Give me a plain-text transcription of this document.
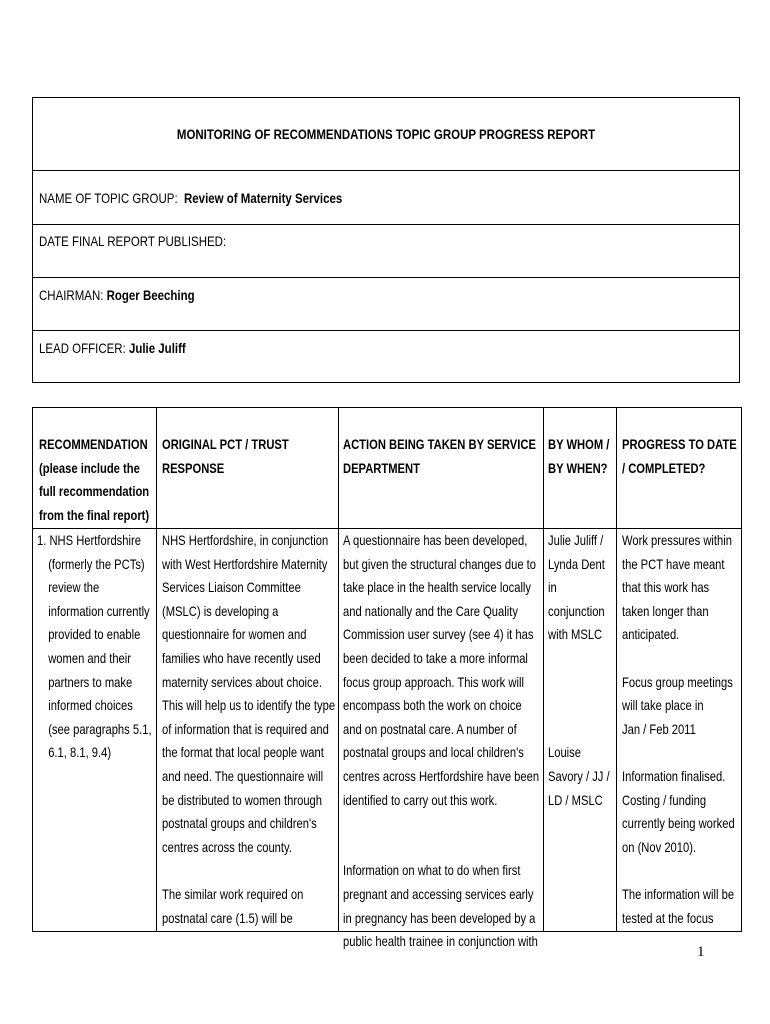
MONITORING OF RECOMMENDATIONS TOPIC GROUP PROGRESS REPORT
NAME OF TOPIC GROUP: Review of Maternity Services
DATE FINAL REPORT PUBLISHED:
CHAIRMAN: Roger Beeching
LEAD OFFICER: Julie Juliff
RECOMMENDATION
(please include the
full recommendation
from the final report)
ORIGINAL PCT / TRUST
RESPONSE
ACTION BEING TAKEN BY SERVICE
DEPARTMENT
BY WHOM /
BY WHEN?
PROGRESS TO DATE
/ COMPLETED?
1. NHS Hertfordshire
(formerly the PCTs)
review the
information currently
provided to enable
women and their
partners to make
informed choices
(see paragraphs 5.1,
6.1, 8.1, 9.4)
NHS Hertfordshire, in conjunction
with West Hertfordshire Maternity
Services Liaison Committee
(MSLC) is developing a
questionnaire for women and
families who have recently used
maternity services about choice.
This will help us to identify the type
of information that is required and
the format that local people want
and need. The questionnaire will
be distributed to women through
postnatal groups and children's
centres across the county.
The similar work required on
postnatal care (1.5) will be
A questionnaire has been developed,
but given the structural changes due to
take place in the health service locally
and nationally and the Care Quality
Commission user survey (see 4) it has
been decided to take a more informal
focus group approach. This work will
encompass both the work on choice
and on postnatal care. A number of
postnatal groups and local children's
centres across Hertfordshire have been
identified to carry out this work.
Information on what to do when first
pregnant and accessing services early
in pregnancy has been developed by a
public health trainee in conjunction with
Julie Juliff /
Lynda Dent
in
conjunction
with MSLC
Louise
Savory / JJ /
LD / MSLC
Work pressures within
the PCT have meant
that this work has
taken longer than
anticipated.
Focus group meetings
will take place in
Jan / Feb 2011
Information finalised.
Costing / funding
currently being worked
on (Nov 2010).
The information will be
tested at the focus
1
